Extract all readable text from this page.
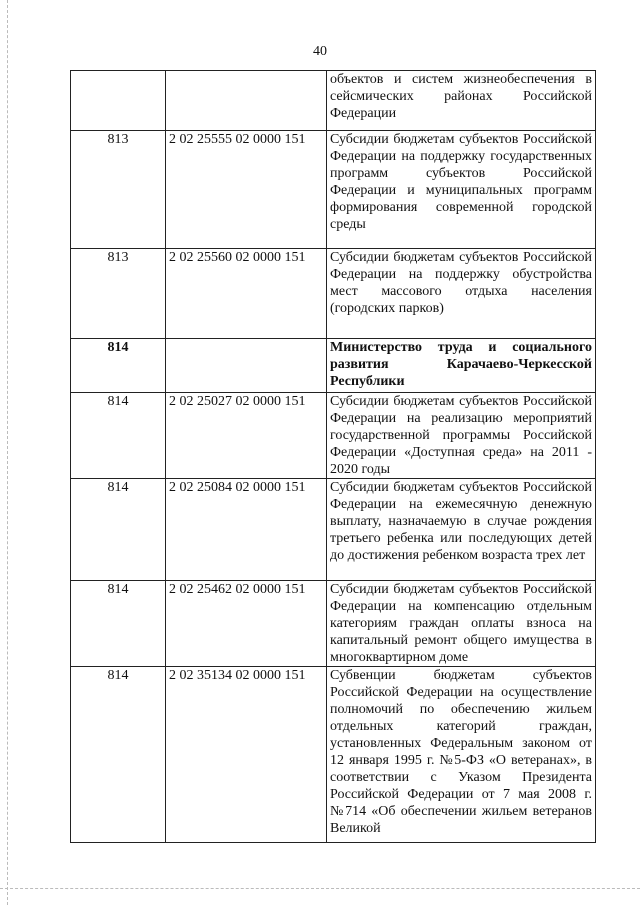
40
		объектов и систем жизнеобеспечения в сейсмических районах Российской Федерации
813	2 02 25555 02 0000 151	Субсидии бюджетам субъектов Российской Федерации на поддержку государственных программ субъектов Российской Федерации и муниципальных программ формирования современной городской среды
813	2 02 25560 02 0000 151	Субсидии бюджетам субъектов Российской Федерации на поддержку обустройства мест массового отдыха населения (городских парков)
814		Министерство труда и социального развития Карачаево-Черкесской Республики
814	2 02 25027 02 0000 151	Субсидии бюджетам субъектов Российской Федерации на реализацию мероприятий государственной программы Российской Федерации «Доступная среда» на 2011 - 2020 годы
814	2 02 25084 02 0000 151	Субсидии бюджетам субъектов Российской Федерации на ежемесячную денежную выплату, назначаемую в случае рождения третьего ребенка или последующих детей до достижения ребенком возраста трех лет
814	2 02 25462 02 0000 151	Субсидии бюджетам субъектов Российской Федерации на компенсацию отдельным категориям граждан оплаты взноса на капитальный ремонт общего имущества в многоквартирном доме
814	2 02 35134 02 0000 151	Субвенции бюджетам субъектов Российской Федерации на осуществление полномочий по обеспечению жильем отдельных категорий граждан, установленных Федеральным законом от 12 января 1995 г. №5-ФЗ «О ветеранах», в соответствии с Указом Президента Российской Федерации от 7 мая 2008 г. №714 «Об обеспечении жильем ветеранов Великой
